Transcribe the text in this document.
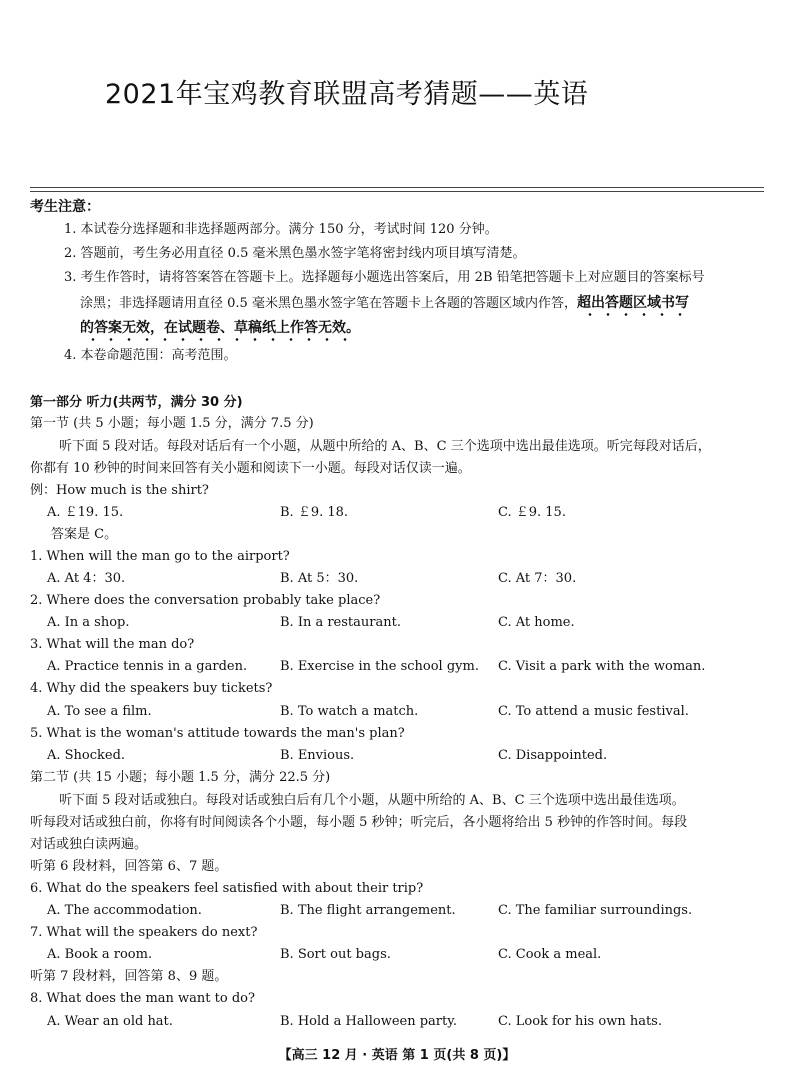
2021年宝鸡教育联盟高考猜题——英语
考生注意：
1. 本试卷分选择题和非选择题两部分。满分 150 分，考试时间 120 分钟。
2. 答题前，考生务必用直径 0.5 毫米黑色墨水签字笔将密封线内项目填写清楚。
3. 考生作答时，请将答案答在答题卡上。选择题每小题选出答案后，用 2B 铅笔把答题卡上对应题目的答案标号
涂黑；非选择题请用直径 0.5 毫米黑色墨水签字笔在答题卡上各题的答题区域内作答，超出答题区域书写
的答案无效，在试题卷、草稿纸上作答无效。
4. 本卷命题范围：高考范围。
第一部分 听力(共两节，满分 30 分)
第一节 (共 5 小题；每小题 1.5 分，满分 7.5 分)
听下面 5 段对话。每段对话后有一个小题，从题中所给的 A、B、C 三个选项中选出最佳选项。听完每段对话后，
你都有 10 秒钟的时间来回答有关小题和阅读下一小题。每段对话仅读一遍。
例：How much is the shirt?
A. ￡19. 15.	B. ￡9. 18.	C. ￡9. 15.
答案是 C。
1. When will the man go to the airport?
A. At 4：30.	B. At 5：30.	C. At 7：30.
2. Where does the conversation probably take place?
A. In a shop.	B. In a restaurant.	C. At home.
3. What will the man do?
A. Practice tennis in a garden.	B. Exercise in the school gym. C. Visit a park with the woman.
4. Why did the speakers buy tickets?
A. To see a film.	B. To watch a match.	C. To attend a music festival.
5. What is the woman's attitude towards the man's plan?
A. Shocked.	B. Envious.	C. Disappointed.
第二节 (共 15 小题；每小题 1.5 分，满分 22.5 分)
听下面 5 段对话或独白。每段对话或独白后有几个小题，从题中所给的 A、B、C 三个选项中选出最佳选项。
听每段对话或独白前，你将有时间阅读各个小题，每小题 5 秒钟；听完后，各小题将给出 5 秒钟的作答时间。每段
对话或独白读两遍。
听第 6 段材料，回答第 6、7 题。
6. What do the speakers feel satisfied with about their trip?
A. The accommodation.	B. The flight arrangement.	C. The familiar surroundings.
7. What will the speakers do next?
A. Book a room.	B. Sort out bags.	C. Cook a meal.
听第 7 段材料，回答第 8、9 题。
8. What does the man want to do?
A. Wear an old hat.	B. Hold a Halloween party.	C. Look for his own hats.
【高三 12 月 · 英语 第 1 页(共 8 页)】
